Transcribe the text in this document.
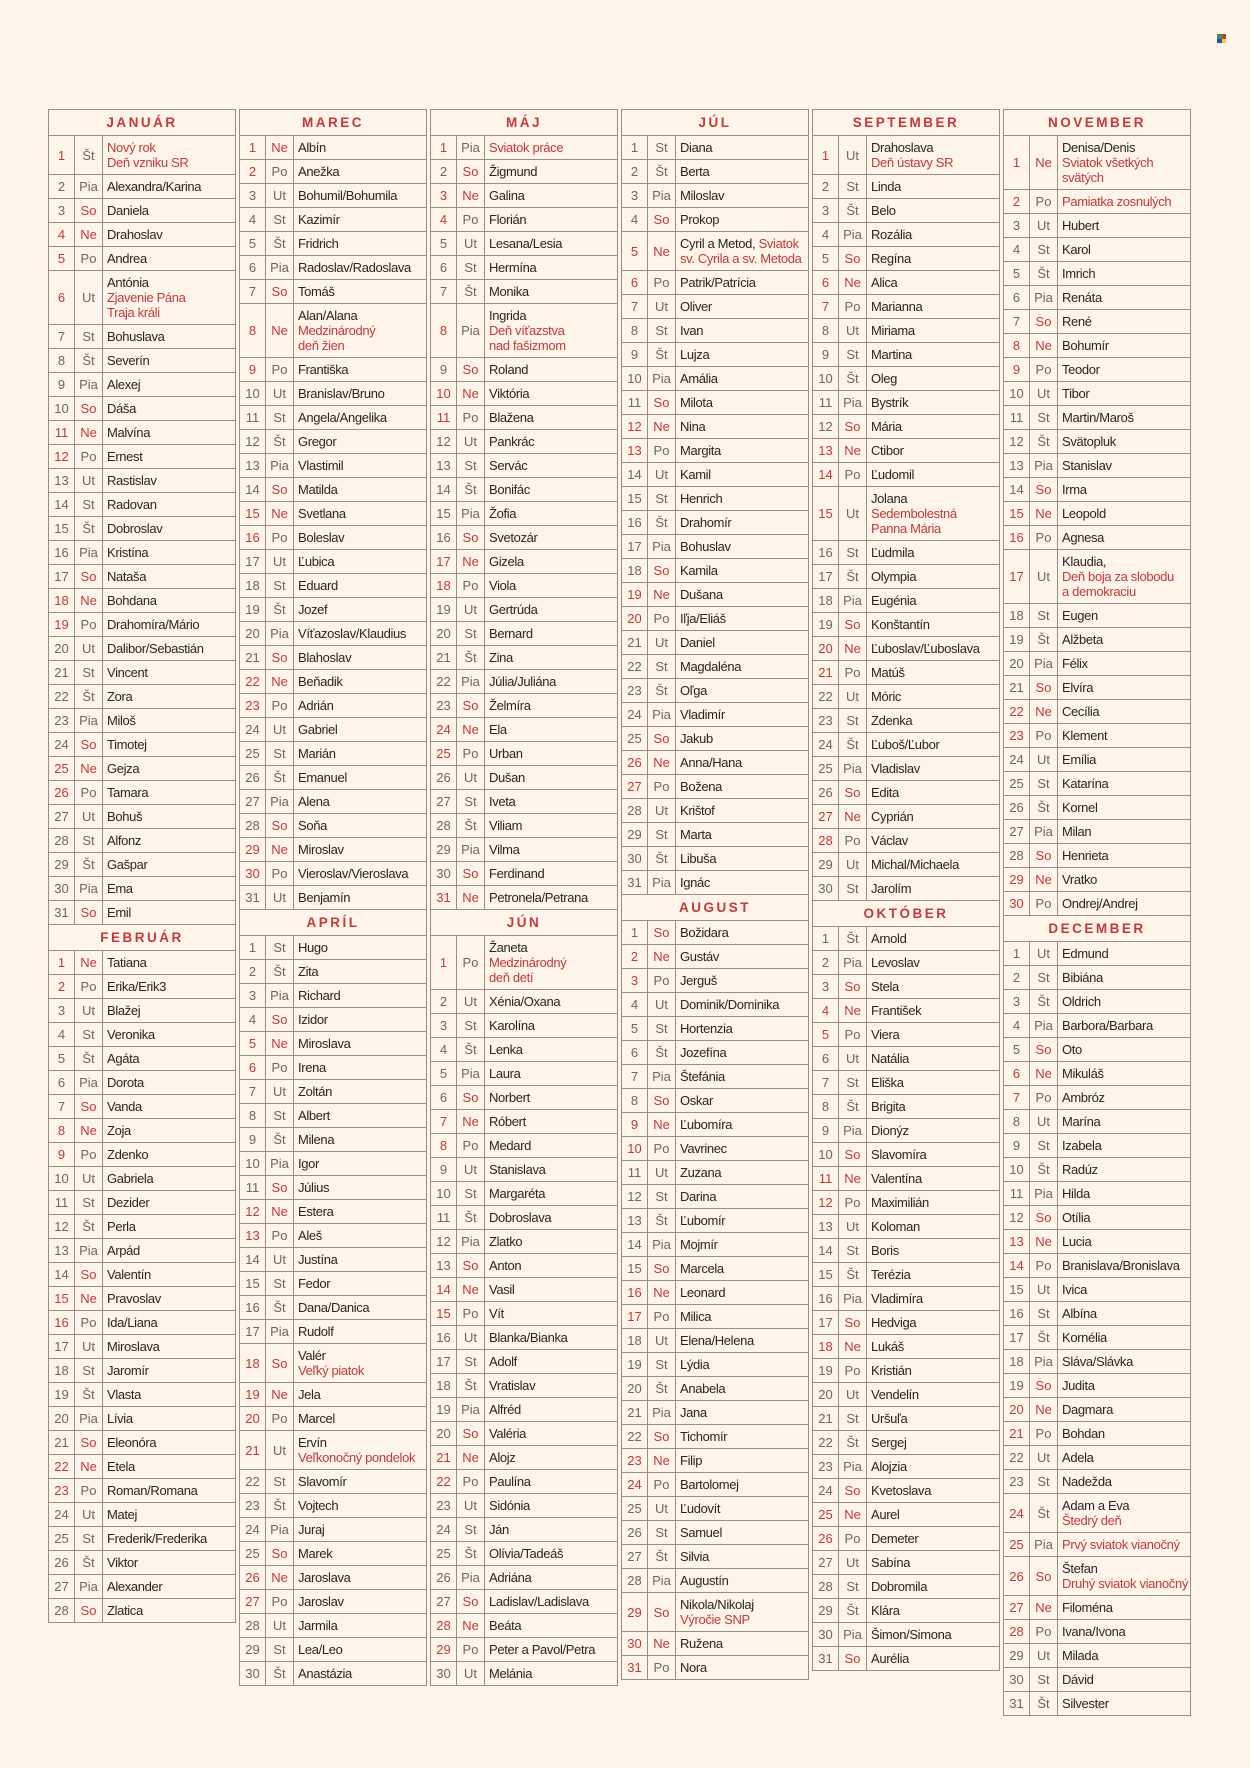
JANUÁR		
1	Št	Nový rok
Deň vzniku SR
2	Pia	Alexandra/Karina
3	So	Daniela
4	Ne	Drahoslav
5	Po	Andrea
6	Ut	Antónia
Zjavenie Pána
Traja králi
7	St	Bohuslava
8	Št	Severín
9	Pia	Alexej
10	So	Dáša
11	Ne	Malvína
12	Po	Ernest
13	Ut	Rastislav
14	St	Radovan
15	Št	Dobroslav
16	Pia	Kristína
17	So	Nataša
18	Ne	Bohdana
19	Po	Drahomíra/Mário
20	Ut	Dalibor/Sebastián
21	St	Vincent
22	Št	Zora
23	Pia	Miloš
24	So	Timotej
25	Ne	Gejza
26	Po	Tamara
27	Ut	Bohuš
28	St	Alfonz
29	Št	Gašpar
30	Pia	Ema
31	So	Emil
FEBRUÁR		
1	Ne	Tatiana
2	Po	Erika/Erik3
3	Ut	Blažej
4	St	Veronika
5	Št	Agáta
6	Pia	Dorota
7	So	Vanda
8	Ne	Zoja
9	Po	Zdenko
10	Ut	Gabriela
11	St	Dezider
12	Št	Perla
13	Pia	Arpád
14	So	Valentín
15	Ne	Pravoslav
16	Po	Ida/Liana
17	Ut	Miroslava
18	St	Jaromír
19	Št	Vlasta
20	Pia	Lívia
21	So	Eleonóra
22	Ne	Etela
23	Po	Roman/Romana
24	Ut	Matej
25	St	Frederik/Frederika
26	Št	Viktor
27	Pia	Alexander
28	So	Zlatica
MAREC		
1	Ne	Albín
2	Po	Anežka
3	Ut	Bohumil/Bohumila
4	St	Kazimír
5	Št	Fridrich
6	Pia	Radoslav/Radoslava
7	So	Tomáš
8	Ne	Alan/Alana
Medzinárodný
deň žien
9	Po	Františka
10	Ut	Branislav/Bruno
11	St	Angela/Angelika
12	Št	Gregor
13	Pia	Vlastimil
14	So	Matilda
15	Ne	Svetlana
16	Po	Boleslav
17	Ut	Ľubica
18	St	Eduard
19	Št	Jozef
20	Pia	Víťazoslav/Klaudius
21	So	Blahoslav
22	Ne	Beňadik
23	Po	Adrián
24	Ut	Gabriel
25	St	Marián
26	Št	Emanuel
27	Pia	Alena
28	So	Soňa
29	Ne	Miroslav
30	Po	Vieroslav/Vieroslava
31	Ut	Benjamín
APRÍL		
1	St	Hugo
2	Št	Zita
3	Pia	Richard
4	So	Izidor
5	Ne	Miroslava
6	Po	Irena
7	Ut	Zoltán
8	St	Albert
9	Št	Milena
10	Pia	Igor
11	So	Július
12	Ne	Estera
13	Po	Aleš
14	Ut	Justína
15	St	Fedor
16	Št	Dana/Danica
17	Pia	Rudolf
18	So	Valér
Veľký piatok
19	Ne	Jela
20	Po	Marcel
21	Ut	Ervín
Veľkonočný pondelok
22	St	Slavomír
23	Št	Vojtech
24	Pia	Juraj
25	So	Marek
26	Ne	Jaroslava
27	Po	Jaroslav
28	Ut	Jarmila
29	St	Lea/Leo
30	Št	Anastázia
MÁJ		
1	Pia	Sviatok práce
2	So	Žigmund
3	Ne	Galina
4	Po	Florián
5	Ut	Lesana/Lesia
6	St	Hermína
7	Št	Monika
8	Pia	Ingrida
Deň víťazstva
nad fašizmom
9	So	Roland
10	Ne	Viktória
11	Po	Blažena
12	Ut	Pankrác
13	St	Servác
14	Št	Bonifác
15	Pia	Žofia
16	So	Svetozár
17	Ne	Gizela
18	Po	Viola
19	Ut	Gertrúda
20	St	Bernard
21	Št	Zina
22	Pia	Júlia/Juliána
23	So	Želmíra
24	Ne	Ela
25	Po	Urban
26	Ut	Dušan
27	St	Iveta
28	Št	Viliam
29	Pia	Vilma
30	So	Ferdinand
31	Ne	Petronela/Petrana
JÚN		
1	Po	Žaneta
Medzinárodný
deň detí
2	Ut	Xénia/Oxana
3	St	Karolína
4	Št	Lenka
5	Pia	Laura
6	So	Norbert
7	Ne	Róbert
8	Po	Medard
9	Ut	Stanislava
10	St	Margaréta
11	Št	Dobroslava
12	Pia	Zlatko
13	So	Anton
14	Ne	Vasil
15	Po	Vít
16	Ut	Blanka/Bianka
17	St	Adolf
18	Št	Vratislav
19	Pia	Alfréd
20	So	Valéria
21	Ne	Alojz
22	Po	Paulína
23	Ut	Sidónia
24	St	Ján
25	Št	Olívia/Tadeáš
26	Pia	Adriána
27	So	Ladislav/Ladislava
28	Ne	Beáta
29	Po	Peter a Pavol/Petra
30	Ut	Melánia
JÚL		
1	St	Diana
2	Št	Berta
3	Pia	Miloslav
4	So	Prokop
5	Ne	Cyril a Metod, Sviatok
sv. Cyrila a sv. Metoda
6	Po	Patrik/Patrícia
7	Ut	Oliver
8	St	Ivan
9	Št	Lujza
10	Pia	Amália
11	So	Milota
12	Ne	Nina
13	Po	Margita
14	Ut	Kamil
15	St	Henrich
16	Št	Drahomír
17	Pia	Bohuslav
18	So	Kamila
19	Ne	Dušana
20	Po	Iľja/Eliáš
21	Ut	Daniel
22	St	Magdaléna
23	Št	Oľga
24	Pia	Vladimír
25	So	Jakub
26	Ne	Anna/Hana
27	Po	Božena
28	Ut	Krištof
29	St	Marta
30	Št	Libuša
31	Pia	Ignác
AUGUST		
1	So	Božidara
2	Ne	Gustáv
3	Po	Jerguš
4	Ut	Dominik/Dominika
5	St	Hortenzia
6	Št	Jozefína
7	Pia	Štefánia
8	So	Oskar
9	Ne	Ľubomíra
10	Po	Vavrinec
11	Ut	Zuzana
12	St	Darina
13	Št	Ľubomír
14	Pia	Mojmír
15	So	Marcela
16	Ne	Leonard
17	Po	Milica
18	Ut	Elena/Helena
19	St	Lýdia
20	Št	Anabela
21	Pia	Jana
22	So	Tichomír
23	Ne	Filip
24	Po	Bartolomej
25	Ut	Ľudovít
26	St	Samuel
27	Št	Silvia
28	Pia	Augustín
29	So	Nikola/Nikolaj
Výročie SNP
30	Ne	Ružena
31	Po	Nora
SEPTEMBER		
1	Ut	Drahoslava
Deň ústavy SR
2	St	Linda
3	Št	Belo
4	Pia	Rozália
5	So	Regína
6	Ne	Alica
7	Po	Marianna
8	Ut	Miriama
9	St	Martina
10	Št	Oleg
11	Pia	Bystrík
12	So	Mária
13	Ne	Ctibor
14	Po	Ľudomil
15	Ut	Jolana
Sedembolestná
Panna Mária
16	St	Ľudmila
17	Št	Olympia
18	Pia	Eugénia
19	So	Konštantín
20	Ne	Ľuboslav/Ľuboslava
21	Po	Matúš
22	Ut	Móric
23	St	Zdenka
24	Št	Ľuboš/Ľubor
25	Pia	Vladislav
26	So	Edita
27	Ne	Cyprián
28	Po	Václav
29	Ut	Michal/Michaela
30	St	Jarolím
OKTÓBER		
1	Št	Arnold
2	Pia	Levoslav
3	So	Stela
4	Ne	František
5	Po	Viera
6	Ut	Natália
7	St	Eliška
8	Št	Brigita
9	Pia	Dionýz
10	So	Slavomíra
11	Ne	Valentína
12	Po	Maximilián
13	Ut	Koloman
14	St	Boris
15	Št	Terézia
16	Pia	Vladimíra
17	So	Hedviga
18	Ne	Lukáš
19	Po	Kristián
20	Ut	Vendelín
21	St	Uršuľa
22	Št	Sergej
23	Pia	Alojzia
24	So	Kvetoslava
25	Ne	Aurel
26	Po	Demeter
27	Ut	Sabína
28	St	Dobromila
29	Št	Klára
30	Pia	Šimon/Simona
31	So	Aurélia
NOVEMBER		
1	Ne	Denisa/Denis
Sviatok všetkých
svätých
2	Po	Pamiatka zosnulých
3	Ut	Hubert
4	St	Karol
5	Št	Imrich
6	Pia	Renáta
7	So	René
8	Ne	Bohumír
9	Po	Teodor
10	Ut	Tibor
11	St	Martin/Maroš
12	Št	Svätopluk
13	Pia	Stanislav
14	So	Irma
15	Ne	Leopold
16	Po	Agnesa
17	Ut	Klaudia,
Deň boja za slobodu
a demokraciu
18	St	Eugen
19	Št	Alžbeta
20	Pia	Félix
21	So	Elvíra
22	Ne	Cecília
23	Po	Klement
24	Ut	Emília
25	St	Katarína
26	Št	Kornel
27	Pia	Milan
28	So	Henrieta
29	Ne	Vratko
30	Po	Ondrej/Andrej
DECEMBER		
1	Ut	Edmund
2	St	Bibiána
3	Št	Oldrich
4	Pia	Barbora/Barbara
5	So	Oto
6	Ne	Mikuláš
7	Po	Ambróz
8	Ut	Marína
9	St	Izabela
10	Št	Radúz
11	Pia	Hilda
12	So	Otília
13	Ne	Lucia
14	Po	Branislava/Bronislava
15	Ut	Ivica
16	St	Albína
17	Št	Kornélia
18	Pia	Sláva/Slávka
19	So	Judita
20	Ne	Dagmara
21	Po	Bohdan
22	Ut	Adela
23	St	Nadežda
24	Št	Adam a Eva
Štedrý deň
25	Pia	Prvý sviatok vianočný
26	So	Štefan
Druhý sviatok vianočný
27	Ne	Filoména
28	Po	Ivana/Ivona
29	Ut	Milada
30	St	Dávid
31	Št	Silvester
